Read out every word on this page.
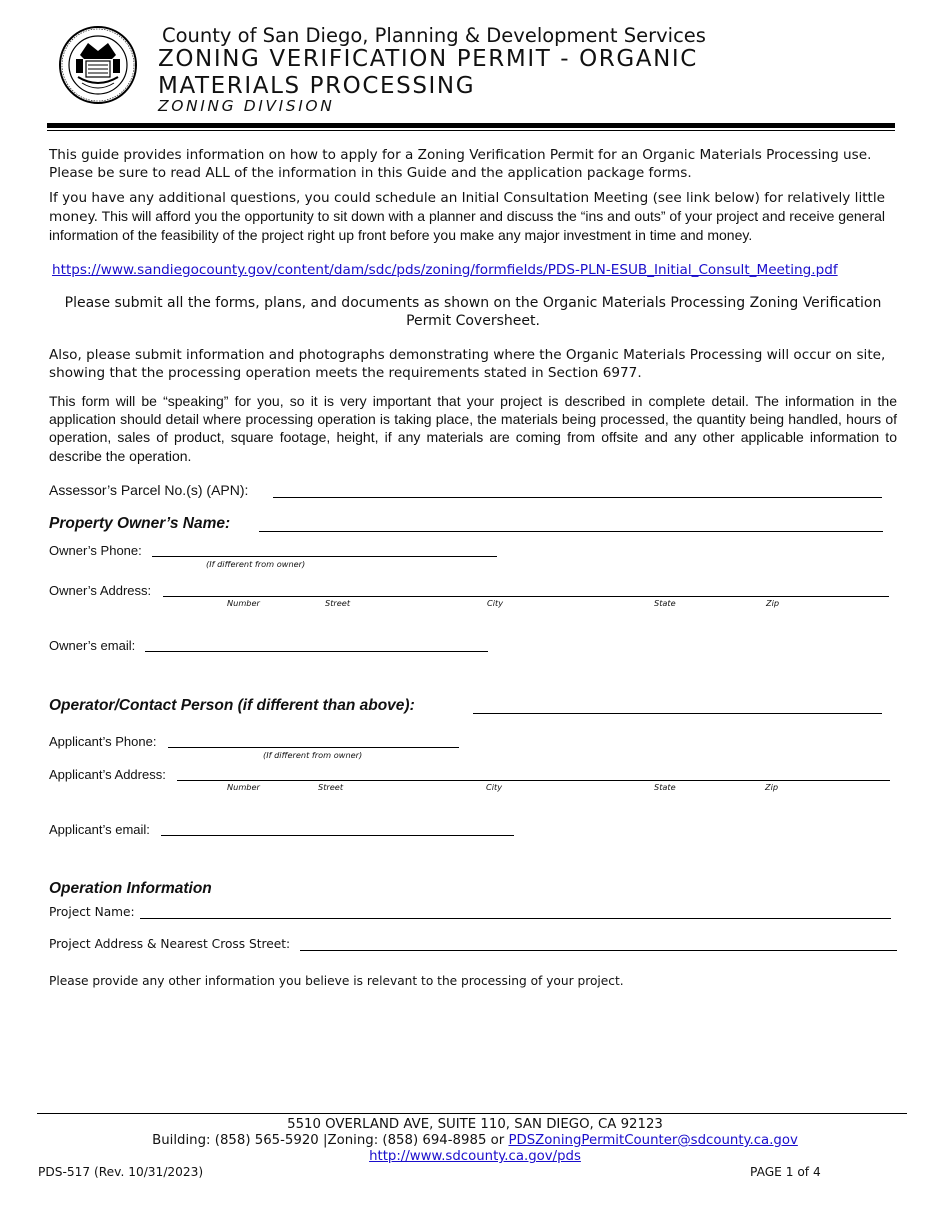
County of San Diego, Planning & Development Services
ZONING VERIFICATION PERMIT - ORGANIC
MATERIALS PROCESSING
ZONING DIVISION
This guide provides information on how to apply for a Zoning Verification Permit for an Organic Materials Processing use. Please be sure to read ALL of the information in this Guide and the application package forms.
If you have any additional questions, you could schedule an Initial Consultation Meeting (see link below) for relatively little money. This will afford you the opportunity to sit down with a planner and discuss the “ins and outs” of your project and receive general information of the feasibility of the project right up front before you make any major investment in time and money.
https://www.sandiegocounty.gov/content/dam/sdc/pds/zoning/formfields/PDS-PLN-ESUB_Initial_Consult_Meeting.pdf
Please submit all the forms, plans, and documents as shown on the Organic Materials Processing Zoning Verification Permit Coversheet.
Also, please submit information and photographs demonstrating where the Organic Materials Processing will occur on site, showing that the processing operation meets the requirements stated in Section 6977.
This form will be “speaking” for you, so it is very important that your project is described in complete detail. The information in the application should detail where processing operation is taking place, the materials being processed, the quantity being handled, hours of operation, sales of product, square footage, height, if any materials are coming from offsite and any other applicable information to describe the operation.
Assessor’s Parcel No.(s) (APN):
Property Owner’s Name:
Owner’s Phone:
(If different from owner)
Owner’s Address:
Number	Street	City	State	Zip
Owner’s email:
Operator/Contact Person (if different than above):
Applicant’s Phone:
(If different from owner)
Applicant’s Address:
Number	Street	City	State	Zip
Applicant’s email:
Operation Information
Project Name:
Project Address & Nearest Cross Street:
Please provide any other information you believe is relevant to the processing of your project.
5510 OVERLAND AVE, SUITE 110, SAN DIEGO, CA 92123
Building: (858) 565-5920 |Zoning: (858) 694-8985 or PDSZoningPermitCounter@sdcounty.ca.gov
http://www.sdcounty.ca.gov/pds
PDS-517 (Rev. 10/31/2023)	PAGE 1 of 4
